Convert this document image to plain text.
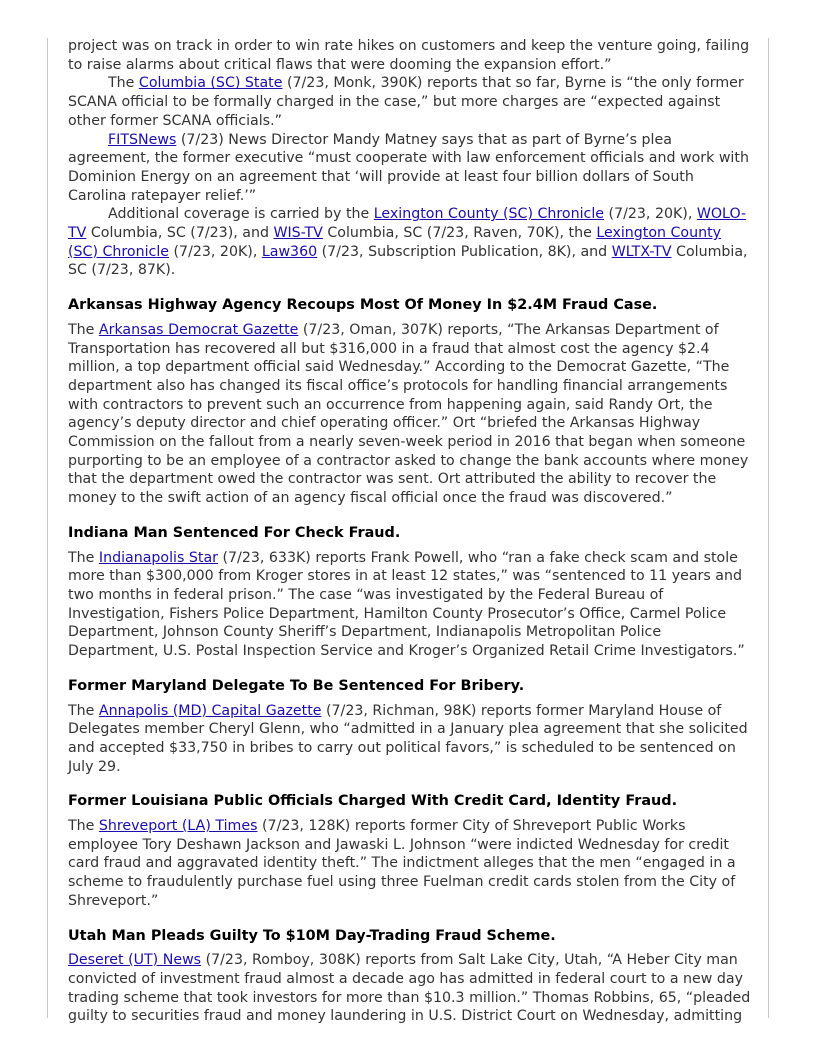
project was on track in order to win rate hikes on customers and keep the venture going, failing to raise alarms about critical flaws that were dooming the expansion effort.”

The Columbia (SC) State (7/23, Monk, 390K) reports that so far, Byrne is “the only former SCANA official to be formally charged in the case,” but more charges are “expected against other former SCANA officials.”

FITSNews (7/23) News Director Mandy Matney says that as part of Byrne’s plea agreement, the former executive “must cooperate with law enforcement officials and work with Dominion Energy on an agreement that ‘will provide at least four billion dollars of South Carolina ratepayer relief.’”

Additional coverage is carried by the Lexington County (SC) Chronicle (7/23, 20K), WOLO-TV Columbia, SC (7/23), and WIS-TV Columbia, SC (7/23, Raven, 70K), the Lexington County (SC) Chronicle (7/23, 20K), Law360 (7/23, Subscription Publication, 8K), and WLTX-TV Columbia, SC (7/23, 87K).

Arkansas Highway Agency Recoups Most Of Money In $2.4M Fraud Case.

The Arkansas Democrat Gazette (7/23, Oman, 307K) reports, “The Arkansas Department of Transportation has recovered all but $316,000 in a fraud that almost cost the agency $2.4 million, a top department official said Wednesday.” According to the Democrat Gazette, “The department also has changed its fiscal office’s protocols for handling financial arrangements with contractors to prevent such an occurrence from happening again, said Randy Ort, the agency’s deputy director and chief operating officer.” Ort “briefed the Arkansas Highway Commission on the fallout from a nearly seven-week period in 2016 that began when someone purporting to be an employee of a contractor asked to change the bank accounts where money that the department owed the contractor was sent. Ort attributed the ability to recover the money to the swift action of an agency fiscal official once the fraud was discovered.”

Indiana Man Sentenced For Check Fraud.

The Indianapolis Star (7/23, 633K) reports Frank Powell, who “ran a fake check scam and stole more than $300,000 from Kroger stores in at least 12 states,” was “sentenced to 11 years and two months in federal prison.” The case “was investigated by the Federal Bureau of Investigation, Fishers Police Department, Hamilton County Prosecutor’s Office, Carmel Police Department, Johnson County Sheriff’s Department, Indianapolis Metropolitan Police Department, U.S. Postal Inspection Service and Kroger’s Organized Retail Crime Investigators.”

Former Maryland Delegate To Be Sentenced For Bribery.

The Annapolis (MD) Capital Gazette (7/23, Richman, 98K) reports former Maryland House of Delegates member Cheryl Glenn, who “admitted in a January plea agreement that she solicited and accepted $33,750 in bribes to carry out political favors,” is scheduled to be sentenced on July 29.

Former Louisiana Public Officials Charged With Credit Card, Identity Fraud.

The Shreveport (LA) Times (7/23, 128K) reports former City of Shreveport Public Works employee Tory Deshawn Jackson and Jawaski L. Johnson “were indicted Wednesday for credit card fraud and aggravated identity theft.” The indictment alleges that the men “engaged in a scheme to fraudulently purchase fuel using three Fuelman credit cards stolen from the City of Shreveport.”

Utah Man Pleads Guilty To $10M Day-Trading Fraud Scheme.

Deseret (UT) News (7/23, Romboy, 308K) reports from Salt Lake City, Utah, “A Heber City man convicted of investment fraud almost a decade ago has admitted in federal court to a new day trading scheme that took investors for more than $10.3 million.” Thomas Robbins, 65, “pleaded guilty to securities fraud and money laundering in U.S. District Court on Wednesday, admitting
